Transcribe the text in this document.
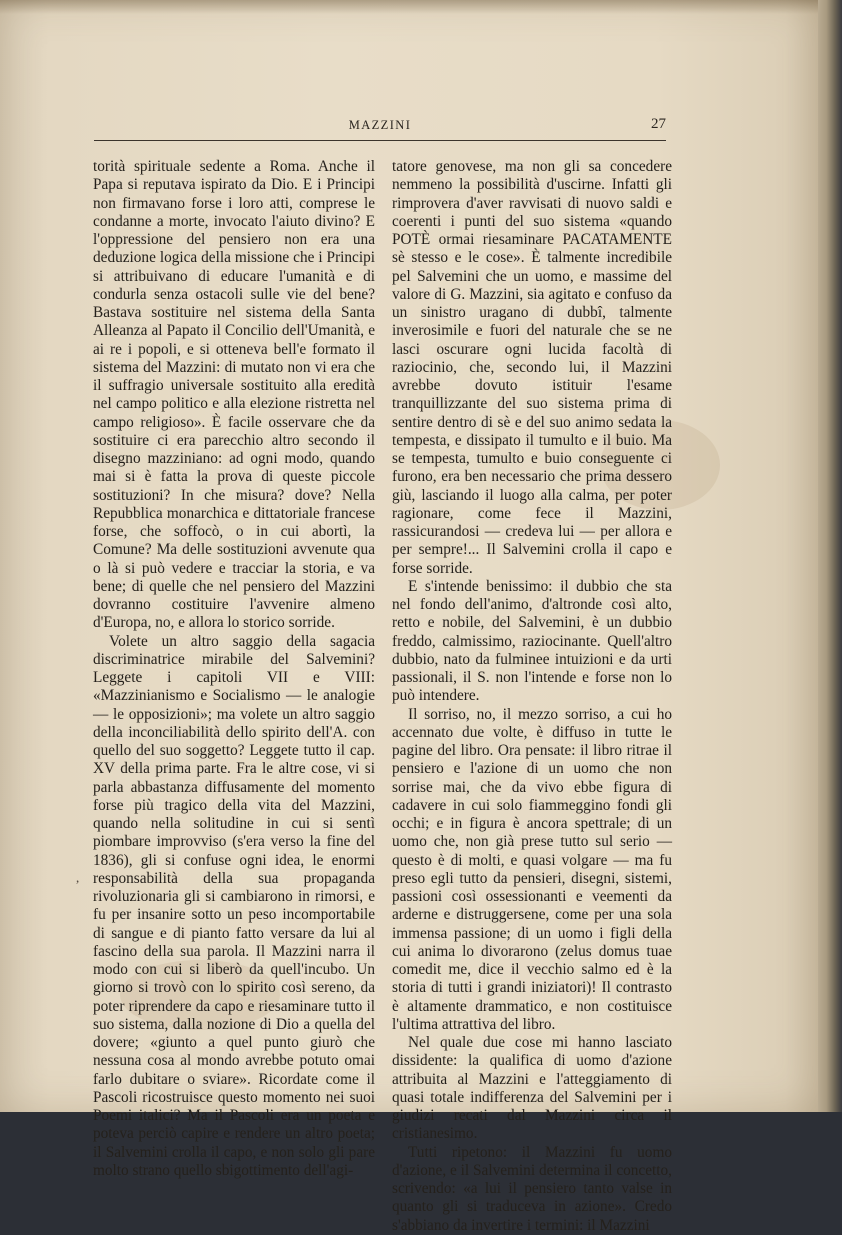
MAZZINI	27

torità spirituale sedente a Roma. Anche il Papa si reputava ispirato da Dio. E i Principi non firmavano forse i loro atti, comprese le condanne a morte, invocato l'aiuto divino? E l'oppressione del pensiero non era una deduzione logica della missione che i Principi si attribuivano di educare l'umanità e di condurla senza ostacoli sulle vie del bene? Bastava sostituire nel sistema della Santa Alleanza al Papato il Concilio dell'Umanità, e ai re i popoli, e si otteneva bell'e formato il sistema del Mazzini: di mutato non vi era che il suffragio universale sostituito alla eredità nel campo politico e alla elezione ristretta nel campo religioso». È facile osservare che da sostituire ci era parecchio altro secondo il disegno mazziniano: ad ogni modo, quando mai si è fatta la prova di queste piccole sostituzioni? In che misura? dove? Nella Repubblica monarchica e dittatoriale francese forse, che soffocò, o in cui abortì, la Comune? Ma delle sostituzioni avvenute qua o là si può vedere e tracciar la storia, e va bene; di quelle che nel pensiero del Mazzini dovranno costituire l'avvenire almeno d'Europa, no, e allora lo storico sorride.

Volete un altro saggio della sagacia discriminatrice mirabile del Salvemini? Leggete i capitoli VII e VIII: «Mazzinianismo e Socialismo — le analogie — le opposizioni»; ma volete un altro saggio della inconciliabilità dello spirito dell'A. con quello del suo soggetto? Leggete tutto il cap. XV della prima parte. Fra le altre cose, vi si parla abbastanza diffusamente del momento forse più tragico della vita del Mazzini, quando nella solitudine in cui si sentì piombare improvviso (s'era verso la fine del 1836), gli si confuse ogni idea, le enormi responsabilità della sua propaganda rivoluzionaria gli si cambiarono in rimorsi, e fu per insanire sotto un peso incomportabile di sangue e di pianto fatto versare da lui al fascino della sua parola. Il Mazzini narra il modo con cui si liberò da quell'incubo. Un giorno si trovò con lo spirito così sereno, da poter riprendere da capo e riesaminare tutto il suo sistema, dalla nozione di Dio a quella del dovere; «giunto a quel punto giurò che nessuna cosa al mondo avrebbe potuto omai farlo dubitare o sviare». Ricordate come il Pascoli ricostruisce questo momento nei suoi Poemi italici? Ma il Pascoli era un poeta e poteva perciò capire e rendere un altro poeta; il Salvemini crolla il capo, e non solo gli pare molto strano quello sbigottimento dell'agi-

tatore genovese, ma non gli sa concedere nemmeno la possibilità d'uscirne. Infatti gli rimprovera d'aver ravvisati di nuovo saldi e coerenti i punti del suo sistema «quando POTÈ ormai riesaminare PACATAMENTE sè stesso e le cose». È talmente incredibile pel Salvemini che un uomo, e massime del valore di G. Mazzini, sia agitato e confuso da un sinistro uragano di dubbî, talmente inverosimile e fuori del naturale che se ne lasci oscurare ogni lucida facoltà di raziocinio, che, secondo lui, il Mazzini avrebbe dovuto istituir l'esame tranquillizzante del suo sistema prima di sentire dentro di sè e del suo animo sedata la tempesta, e dissipato il tumulto e il buio. Ma se tempesta, tumulto e buio conseguente ci furono, era ben necessario che prima dessero giù, lasciando il luogo alla calma, per poter ragionare, come fece il Mazzini, rassicurandosi — credeva lui — per allora e per sempre!... Il Salvemini crolla il capo e forse sorride.

E s'intende benissimo: il dubbio che sta nel fondo dell'animo, d'altronde così alto, retto e nobile, del Salvemini, è un dubbio freddo, calmissimo, raziocinante. Quell'altro dubbio, nato da fulminee intuizioni e da urti passionali, il S. non l'intende e forse non lo può intendere.

Il sorriso, no, il mezzo sorriso, a cui ho accennato due volte, è diffuso in tutte le pagine del libro. Ora pensate: il libro ritrae il pensiero e l'azione di un uomo che non sorrise mai, che da vivo ebbe figura di cadavere in cui solo fiammeggino fondi gli occhi; e in figura è ancora spettrale; di un uomo che, non già prese tutto sul serio — questo è di molti, e quasi volgare — ma fu preso egli tutto da pensieri, disegni, sistemi, passioni così ossessionanti e veementi da arderne e distruggersene, come per una sola immensa passione; di un uomo i figli della cui anima lo divorarono (zelus domus tuae comedit me, dice il vecchio salmo ed è la storia di tutti i grandi iniziatori)! Il contrasto è altamente drammatico, e non costituisce l'ultima attrattiva del libro.

Nel quale due cose mi hanno lasciato dissidente: la qualifica di uomo d'azione attribuita al Mazzini e l'atteggiamento di quasi totale indifferenza del Salvemini per i giudizi recati dal Mazzini circa il cristianesimo.

Tutti ripetono: il Mazzini fu uomo d'azione, e il Salvemini determina il concetto, scrivendo: «a lui il pensiero tanto valse in quanto gli si traduceva in azione». Credo s'abbiano da invertire i termini: il Mazzini

,
